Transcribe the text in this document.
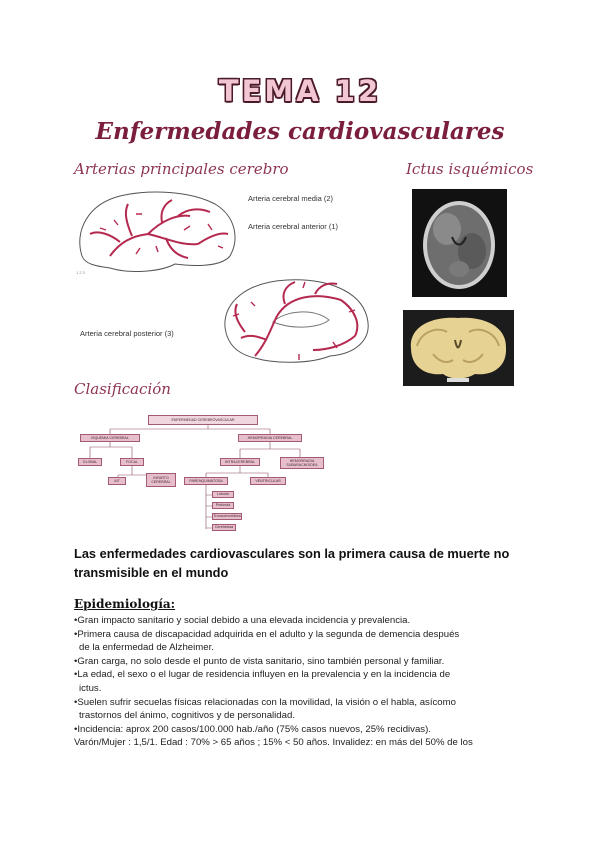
TEMA 12
Enfermedades cardiovasculares
Arterias principales cerebro	Ictus isquémicos
Clasificación
1 2 3
Arteria cerebral media (2)
Arteria cerebral anterior (1)
Arteria cerebral posterior (3)
ENFERMEDAD CEREBROVASCULAR
ISQUEMIA CEREBRAL	HEMORRAGIA CEREBRAL
GLOBAL	FOCAL
AIT
INFARTO CEREBRAL
INTRACEREBRAL	HEMORRAGIA SUBARACNOIDEA
PARENQUIMATOSA	VENTRICULAR
Lobular
Profunda
Troncoencefálica
Cerebelosa
Las enfermedades cardiovasculares son la primera causa de muerte no transmisible en el mundo
Epidemiología:

•Gran impacto sanitario y social debido a una elevada incidencia y prevalencia.

•Primera causa de discapacidad adquirida en el adulto y la segunda de demencia después

de la enfermedad de Alzheimer.

•Gran carga, no solo desde el punto de vista sanitario, sino también personal y familiar.

•La edad, el sexo o el lugar de residencia influyen en la prevalencia y en la incidencia de

ictus.

•Suelen sufrir secuelas físicas relacionadas con la movilidad, la visión o el habla, asícomo

trastornos del ánimo, cognitivos y de personalidad.

•Incidencia: aprox 200 casos/100.000 hab./año (75% casos nuevos, 25% recidivas).

Varón/Mujer : 1,5/1. Edad : 70% > 65 años ; 15% < 50 años. Invalidez: en más del 50% de los
